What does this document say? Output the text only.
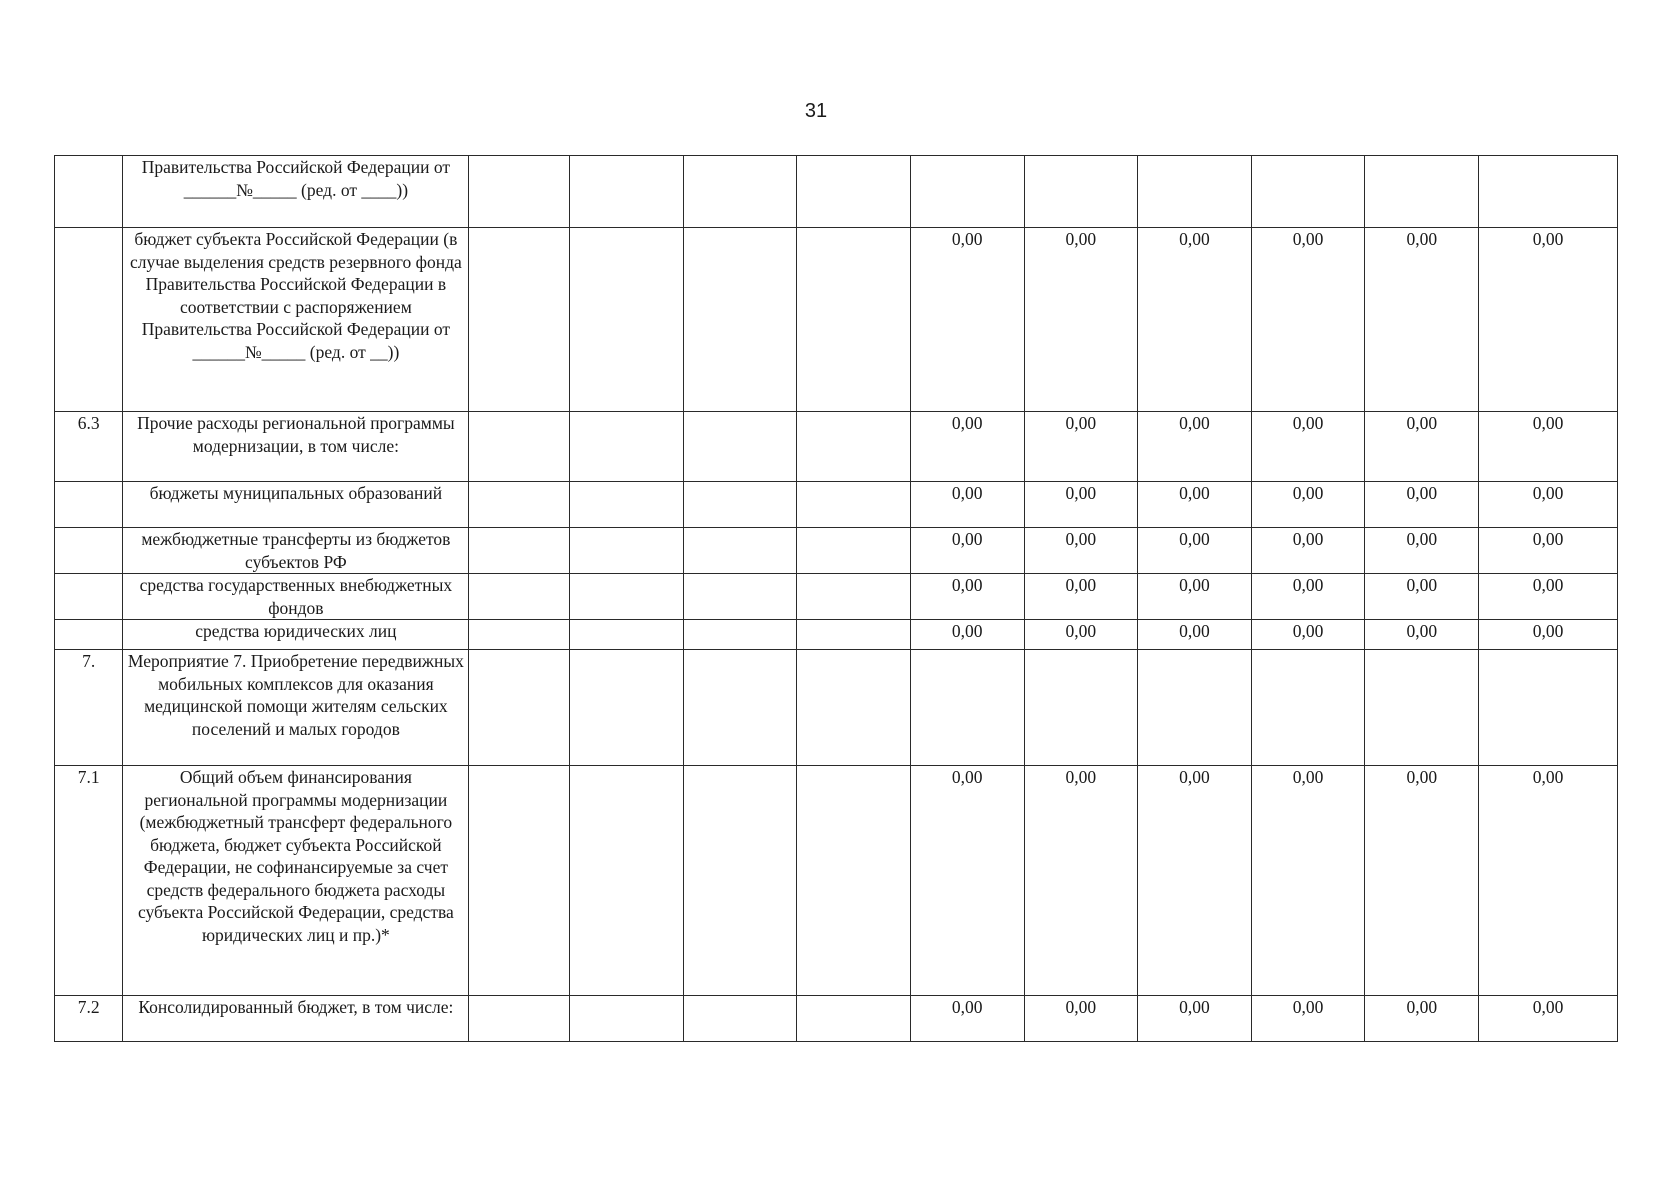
31
	Правительства Российской Федерации от ______№_____ (ред. от ____))										
	бюджет субъекта Российской Федерации (в случае выделения средств резервного фонда Правительства Российской Федерации в соответствии с распоряжением Правительства Российской Федерации от ______№_____ (ред. от __))					0,00	0,00	0,00	0,00	0,00	0,00
6.3	Прочие расходы региональной программы модернизации, в том числе:					0,00	0,00	0,00	0,00	0,00	0,00
	бюджеты муниципальных образований					0,00	0,00	0,00	0,00	0,00	0,00
	межбюджетные трансферты из бюджетов субъектов РФ					0,00	0,00	0,00	0,00	0,00	0,00
	средства государственных внебюджетных фондов					0,00	0,00	0,00	0,00	0,00	0,00
	средства юридических лиц					0,00	0,00	0,00	0,00	0,00	0,00
7.	Мероприятие 7. Приобретение передвижных мобильных комплексов для оказания медицинской помощи жителям сельских поселений и малых городов										
7.1	Общий объем финансирования региональной программы модернизации (межбюджетный трансферт федерального бюджета, бюджет субъекта Российской Федерации, не софинансируемые за счет средств федерального бюджета расходы субъекта Российской Федерации, средства юридических лиц и пр.)*					0,00	0,00	0,00	0,00	0,00	0,00
7.2	Консолидированный бюджет, в том числе:					0,00	0,00	0,00	0,00	0,00	0,00
